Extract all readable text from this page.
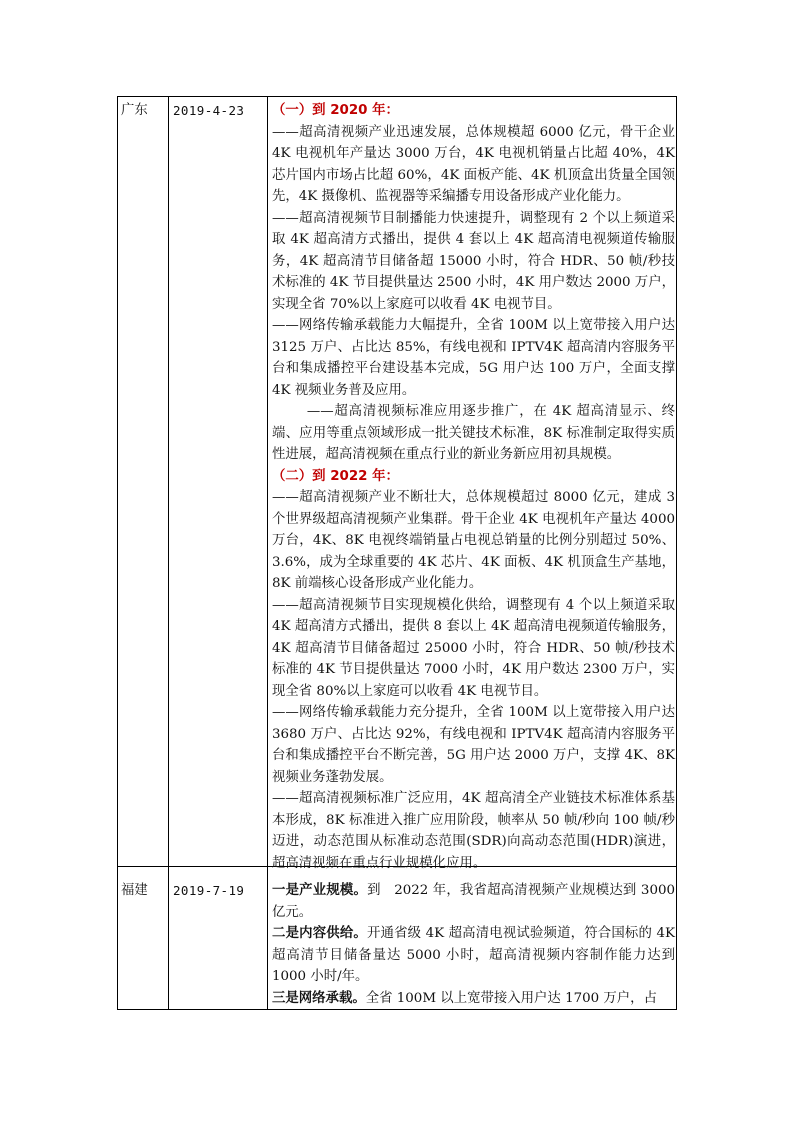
广东 2019-4-23 （一）到 2020 年：

——超高清视频产业迅速发展，总体规模超 6000 亿元，骨干企业 4K 电视机年产量达 3000 万台，4K 电视机销量占比超 40%，4K 芯片国内市场占比超 60%，4K 面板产能、4K 机顶盒出货量全国领先，4K 摄像机、监视器等采编播专用设备形成产业化能力。

——超高清视频节目制播能力快速提升，调整现有 2 个以上频道采取 4K 超高清方式播出，提供 4 套以上 4K 超高清电视频道传输服务，4K 超高清节目储备超 15000 小时，符合 HDR、50 帧/秒技术标准的 4K 节目提供量达 2500 小时，4K 用户数达 2000 万户，实现全省 70%以上家庭可以收看 4K 电视节目。

——网络传输承载能力大幅提升，全省 100M 以上宽带接入用户达 3125 万户、占比达 85%，有线电视和 IPTV4K 超高清内容服务平台和集成播控平台建设基本完成，5G 用户达 100 万户，全面支撑 4K 视频业务普及应用。

——超高清视频标准应用逐步推广，在 4K 超高清显示、终端、应用等重点领域形成一批关键技术标准，8K 标准制定取得实质性进展，超高清视频在重点行业的新业务新应用初具规模。

（二）到 2022 年：

——超高清视频产业不断壮大，总体规模超过 8000 亿元，建成 3 个世界级超高清视频产业集群。骨干企业 4K 电视机年产量达 4000 万台，4K、8K 电视终端销量占电视总销量的比例分别超过 50%、3.6%，成为全球重要的 4K 芯片、4K 面板、4K 机顶盒生产基地，8K 前端核心设备形成产业化能力。

——超高清视频节目实现规模化供给，调整现有 4 个以上频道采取 4K 超高清方式播出，提供 8 套以上 4K 超高清电视频道传输服务，4K 超高清节目储备超过 25000 小时，符合 HDR、50 帧/秒技术标准的 4K 节目提供量达 7000 小时，4K 用户数达 2300 万户，实现全省 80%以上家庭可以收看 4K 电视节目。

——网络传输承载能力充分提升，全省 100M 以上宽带接入用户达 3680 万户、占比达 92%，有线电视和 IPTV4K 超高清内容服务平台和集成播控平台不断完善，5G 用户达 2000 万户，支撑 4K、8K 视频业务蓬勃发展。

——超高清视频标准广泛应用，4K 超高清全产业链技术标准体系基本形成，8K 标准进入推广应用阶段，帧率从 50 帧/秒向 100 帧/秒迈进，动态范围从标准动态范围(SDR)向高动态范围(HDR)演进，超高清视频在重点行业规模化应用。

福建 2019-7-19 一是产业规模。到　2022 年，我省超高清视频产业规模达到 3000 亿元。

二是内容供给。开通省级 4K 超高清电视试验频道，符合国标的 4K 超高清节目储备量达 5000 小时，超高清视频内容制作能力达到 1000 小时/年。

三是网络承载。全省 100M 以上宽带接入用户达 1700 万户，占
